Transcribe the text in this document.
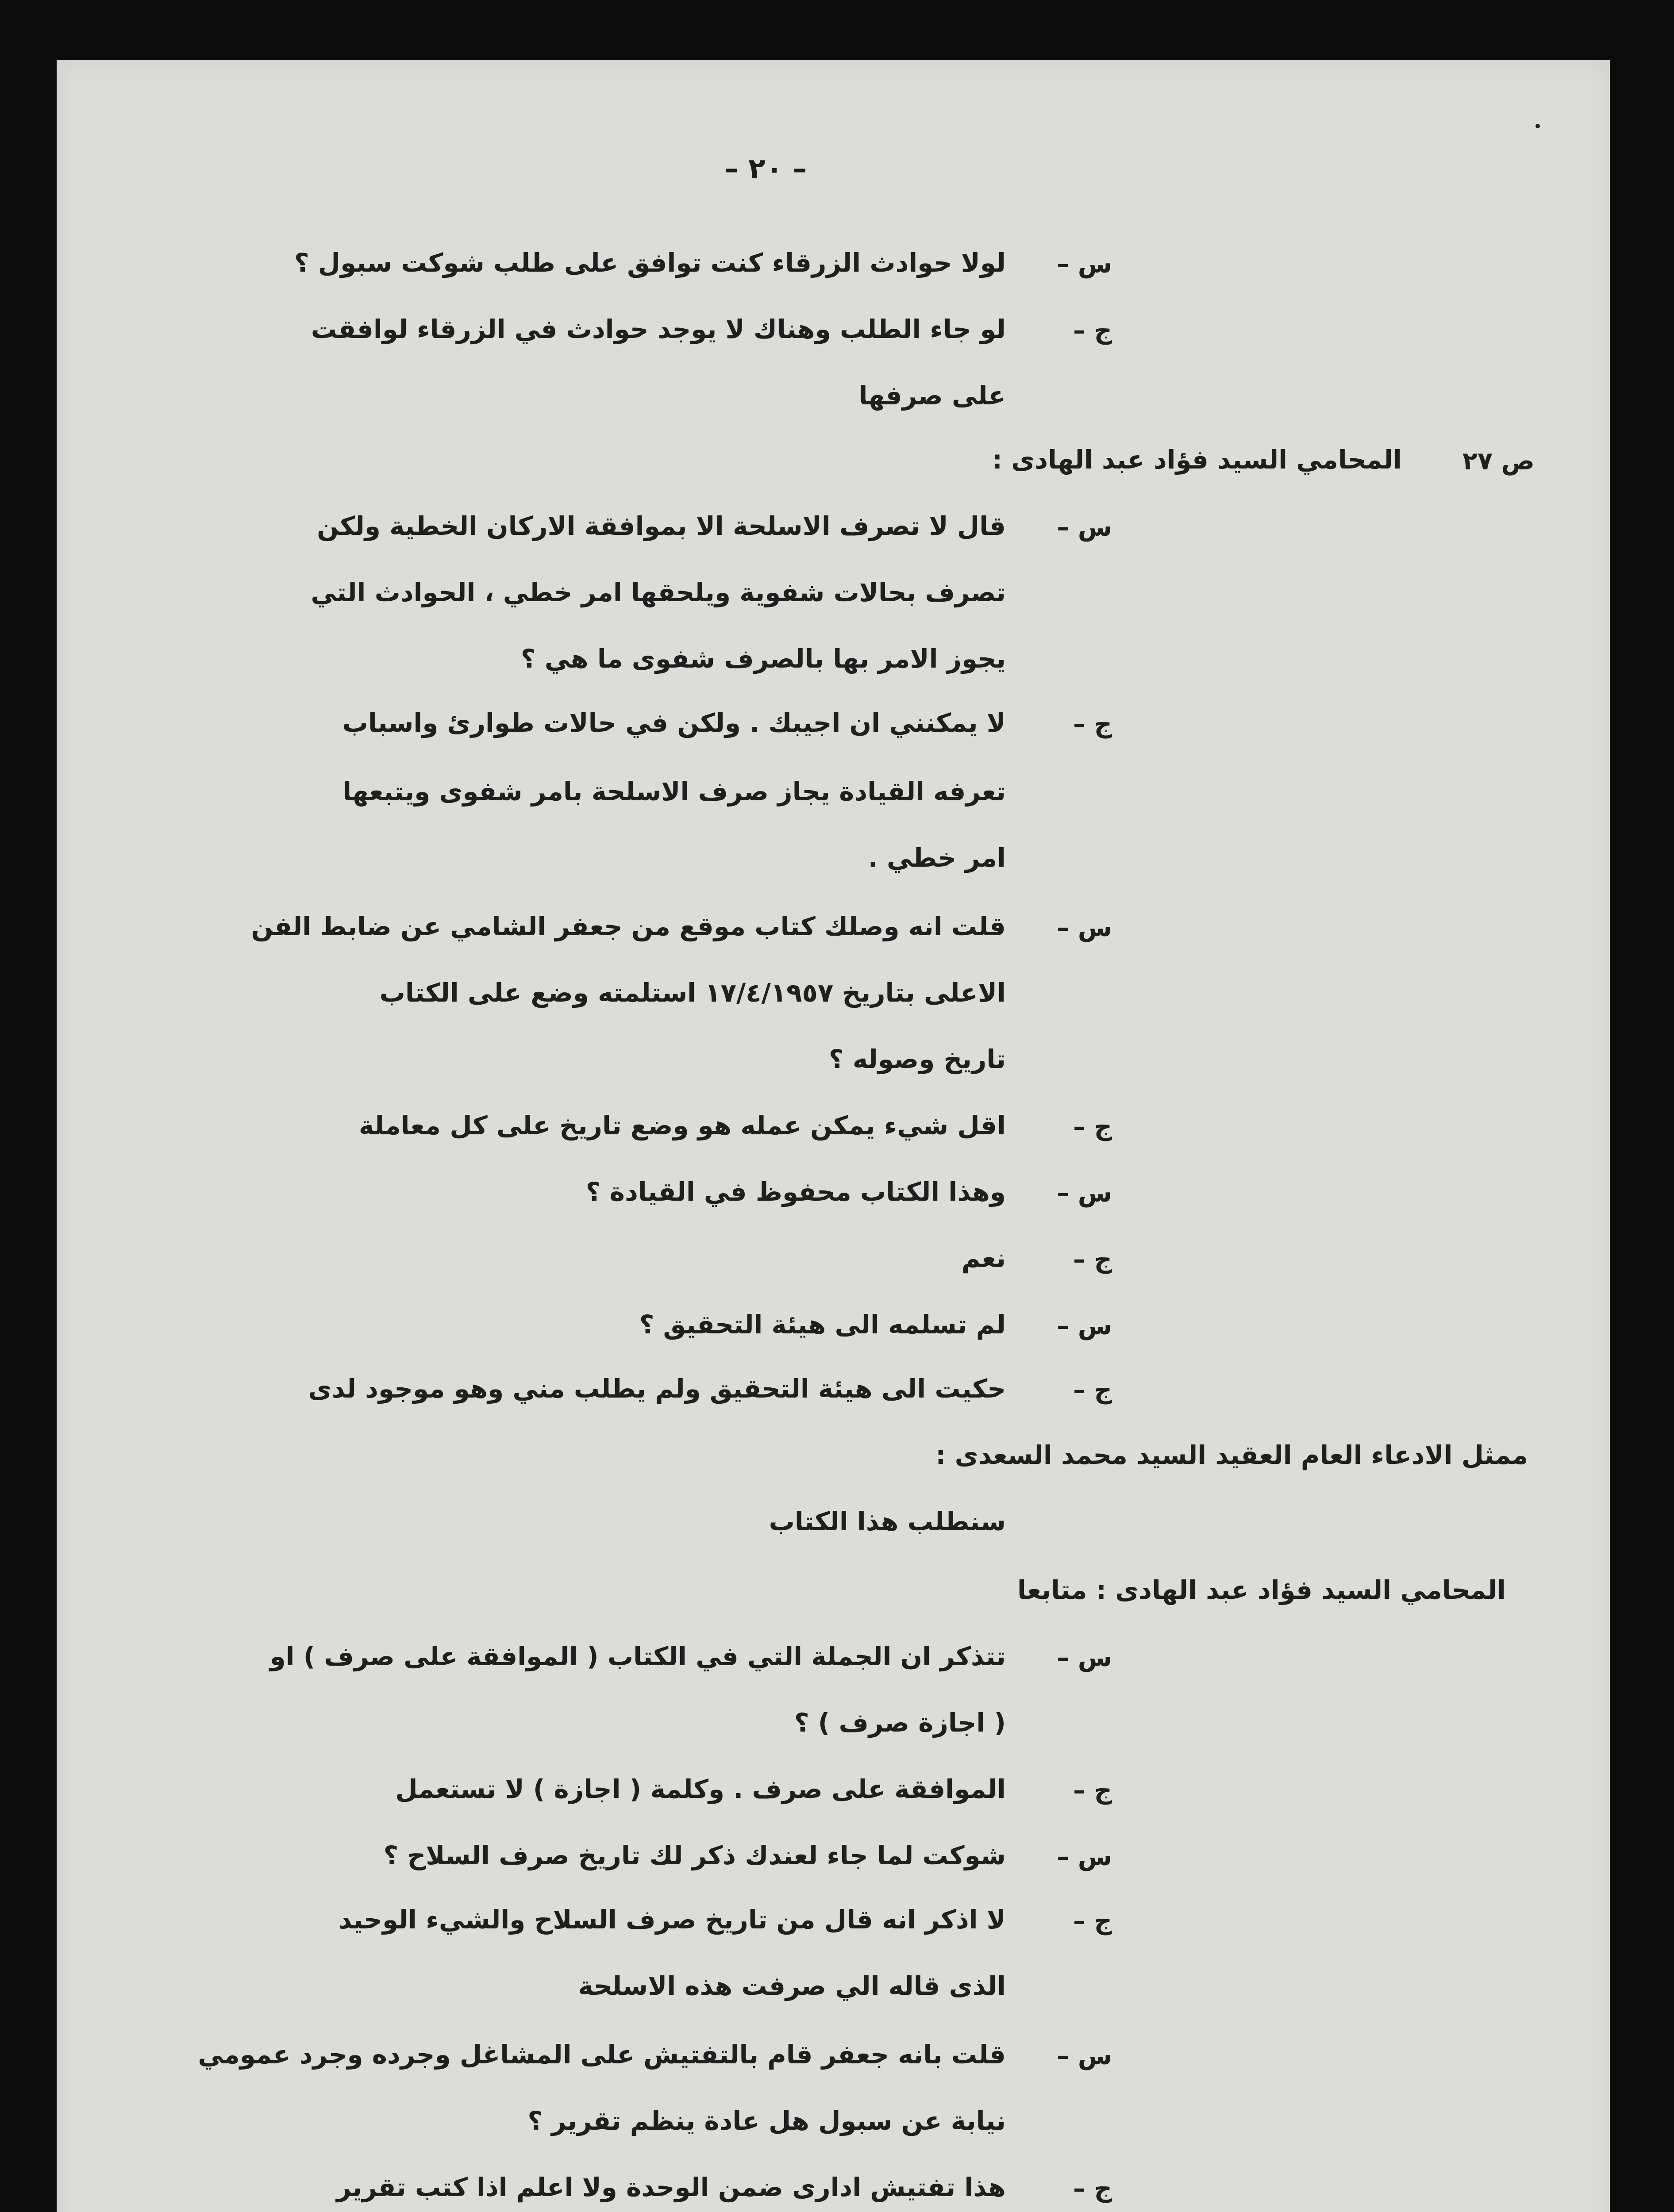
– ٢٠ –
س –
لولا حوادث الزرقاء كنت توافق على طلب شوكت سبول ؟
ج –
لو جاء الطلب وهناك لا يوجد حوادث في الزرقاء لوافقت
على صرفها
ص ٢٧
المحامي السيد فؤاد عبد الهادى :
س –
قال لا تصرف الاسلحة الا بموافقة الاركان الخطية ولكن
تصرف بحالات شفوية ويلحقها امر خطي ، الحوادث التي
يجوز الامر بها بالصرف شفوى ما هي ؟
ج –
لا يمكنني ان اجيبك . ولكن في حالات طوارئ واسباب
تعرفه القيادة يجاز صرف الاسلحة بامر شفوى ويتبعها
امر خطي .
س –
قلت انه وصلك كتاب موقع من جعفر الشامي عن ضابط الفن
الاعلى بتاريخ ١٧/٤/١٩٥٧ استلمته وضع على الكتاب
تاريخ وصوله ؟
ج –
اقل شيء يمكن عمله هو وضع تاريخ على كل معاملة
س –
وهذا الكتاب محفوظ في القيادة ؟
ج –
نعم
س –
لم تسلمه الى هيئة التحقيق ؟
ج –
حكيت الى هيئة التحقيق ولم يطلب مني وهو موجود لدى
ممثل الادعاء العام العقيد السيد محمد السعدى :
سنطلب هذا الكتاب
المحامي السيد فؤاد عبد الهادى : متابعا
س –
تتذكر ان الجملة التي في الكتاب ( الموافقة على صرف ) او
( اجازة صرف ) ؟
ج –
الموافقة على صرف . وكلمة ( اجازة ) لا تستعمل
س –
شوكت لما جاء لعندك ذكر لك تاريخ صرف السلاح ؟
ج –
لا اذكر انه قال من تاريخ صرف السلاح والشيء الوحيد
الذى قاله الي صرفت هذه الاسلحة
س –
قلت بانه جعفر قام بالتفتيش على المشاغل وجرده وجرد عمومي
نيابة عن سبول هل عادة ينظم تقرير ؟
ج –
هذا تفتيش ادارى ضمن الوحدة ولا اعلم اذا كتب تقرير
